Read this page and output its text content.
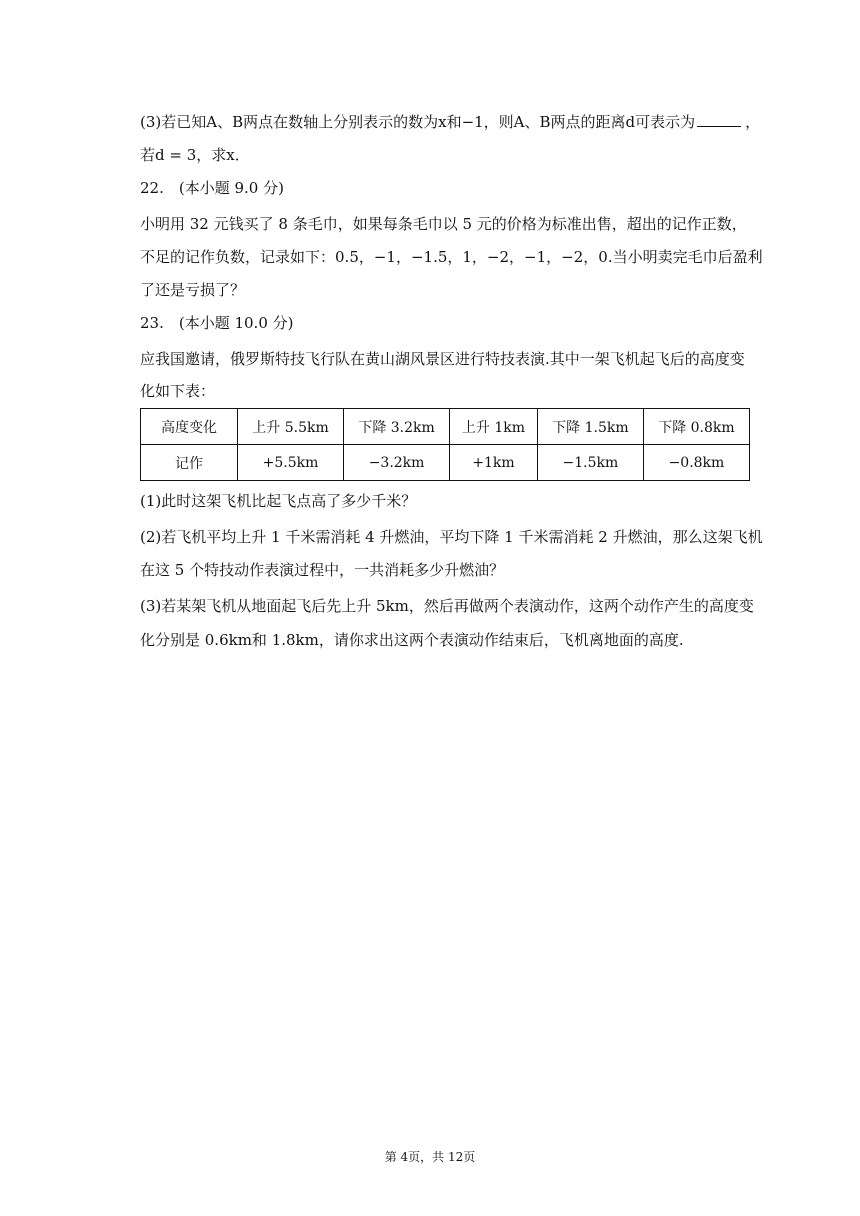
(3)若已知A、B两点在数轴上分别表示的数为x和−1，则A、B两点的距离d可表示为	，
若d = 3，求x．
22.　(本小题 9.0 分)
小明用 32 元钱买了 8 条毛巾，如果每条毛巾以 5 元的价格为标准出售，超出的记作正数，
不足的记作负数，记录如下：0.5，−1，−1.5，1，−2，−1，−2，0.当小明卖完毛巾后盈利
了还是亏损了？
23.　(本小题 10.0 分)
应我国邀请，俄罗斯特技飞行队在黄山湖风景区进行特技表演.其中一架飞机起飞后的高度变
化如下表：
高度变化	上升 5.5km	下降 3.2km	上升 1km	下降 1.5km	下降 0.8km
记作	+5.5km	−3.2km	+1km	−1.5km	−0.8km
(1)此时这架飞机比起飞点高了多少千米？
(2)若飞机平均上升 1 千米需消耗 4 升燃油，平均下降 1 千米需消耗 2 升燃油，那么这架飞机
在这 5 个特技动作表演过程中，一共消耗多少升燃油？
(3)若某架飞机从地面起飞后先上升 5km，然后再做两个表演动作，这两个动作产生的高度变
化分别是 0.6km和 1.8km，请你求出这两个表演动作结束后，飞机离地面的高度.
第 4页，共 12页
